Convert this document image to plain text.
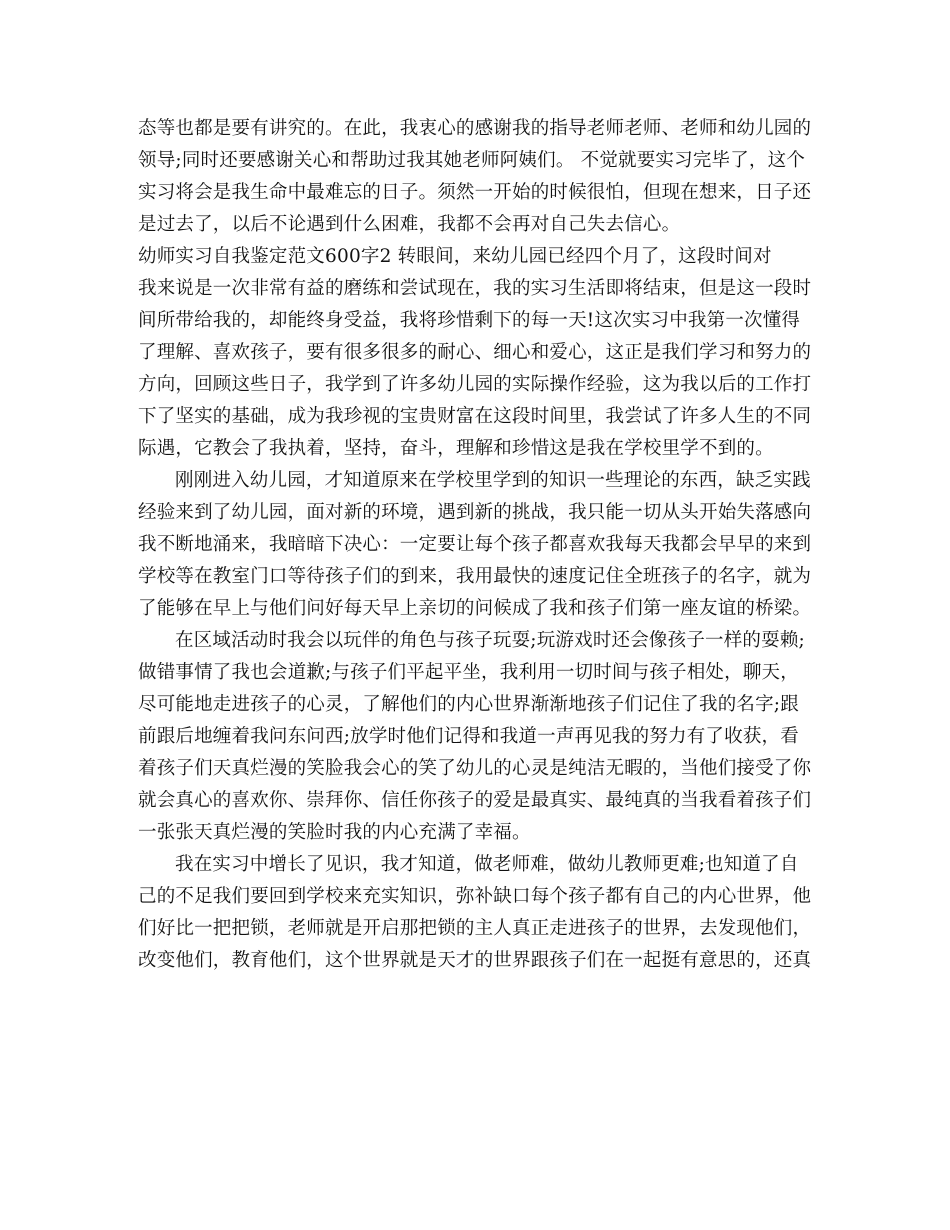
态等也都是要有讲究的。在此，我衷心的感谢我的指导老师老师、老师和幼儿园的
领导;同时还要感谢关心和帮助过我其她老师阿姨们。 不觉就要实习完毕了，这个
实习将会是我生命中最难忘的日子。须然一开始的时候很怕，但现在想来，日子还
是过去了，以后不论遇到什么困难，我都不会再对自己失去信心。

幼师实习自我鉴定范文600字2 转眼间，来幼儿园已经四个月了，这段时间对
我来说是一次非常有益的磨练和尝试现在，我的实习生活即将结束，但是这一段时
间所带给我的，却能终身受益，我将珍惜剩下的每一天!这次实习中我第一次懂得
了理解、喜欢孩子，要有很多很多的耐心、细心和爱心，这正是我们学习和努力的
方向，回顾这些日子，我学到了许多幼儿园的实际操作经验，这为我以后的工作打
下了坚实的基础，成为我珍视的宝贵财富在这段时间里，我尝试了许多人生的不同
际遇，它教会了我执着，坚持，奋斗，理解和珍惜这是我在学校里学不到的。

刚刚进入幼儿园，才知道原来在学校里学到的知识一些理论的东西，缺乏实践
经验来到了幼儿园，面对新的环境，遇到新的挑战，我只能一切从头开始失落感向
我不断地涌来，我暗暗下决心：一定要让每个孩子都喜欢我每天我都会早早的来到
学校等在教室门口等待孩子们的到来，我用最快的速度记住全班孩子的名字，就为
了能够在早上与他们问好每天早上亲切的问候成了我和孩子们第一座友谊的桥梁。

在区域活动时我会以玩伴的角色与孩子玩耍;玩游戏时还会像孩子一样的耍赖;
做错事情了我也会道歉;与孩子们平起平坐，我利用一切时间与孩子相处，聊天，
尽可能地走进孩子的心灵，了解他们的内心世界渐渐地孩子们记住了我的名字;跟
前跟后地缠着我问东问西;放学时他们记得和我道一声再见我的努力有了收获，看
着孩子们天真烂漫的笑脸我会心的笑了幼儿的心灵是纯洁无暇的，当他们接受了你
就会真心的喜欢你、崇拜你、信任你孩子的爱是最真实、最纯真的当我看着孩子们
一张张天真烂漫的笑脸时我的内心充满了幸福。

我在实习中增长了见识，我才知道，做老师难，做幼儿教师更难;也知道了自
己的不足我们要回到学校来充实知识，弥补缺口每个孩子都有自己的内心世界，他
们好比一把把锁，老师就是开启那把锁的主人真正走进孩子的世界，去发现他们，
改变他们，教育他们，这个世界就是天才的世界跟孩子们在一起挺有意思的，还真
